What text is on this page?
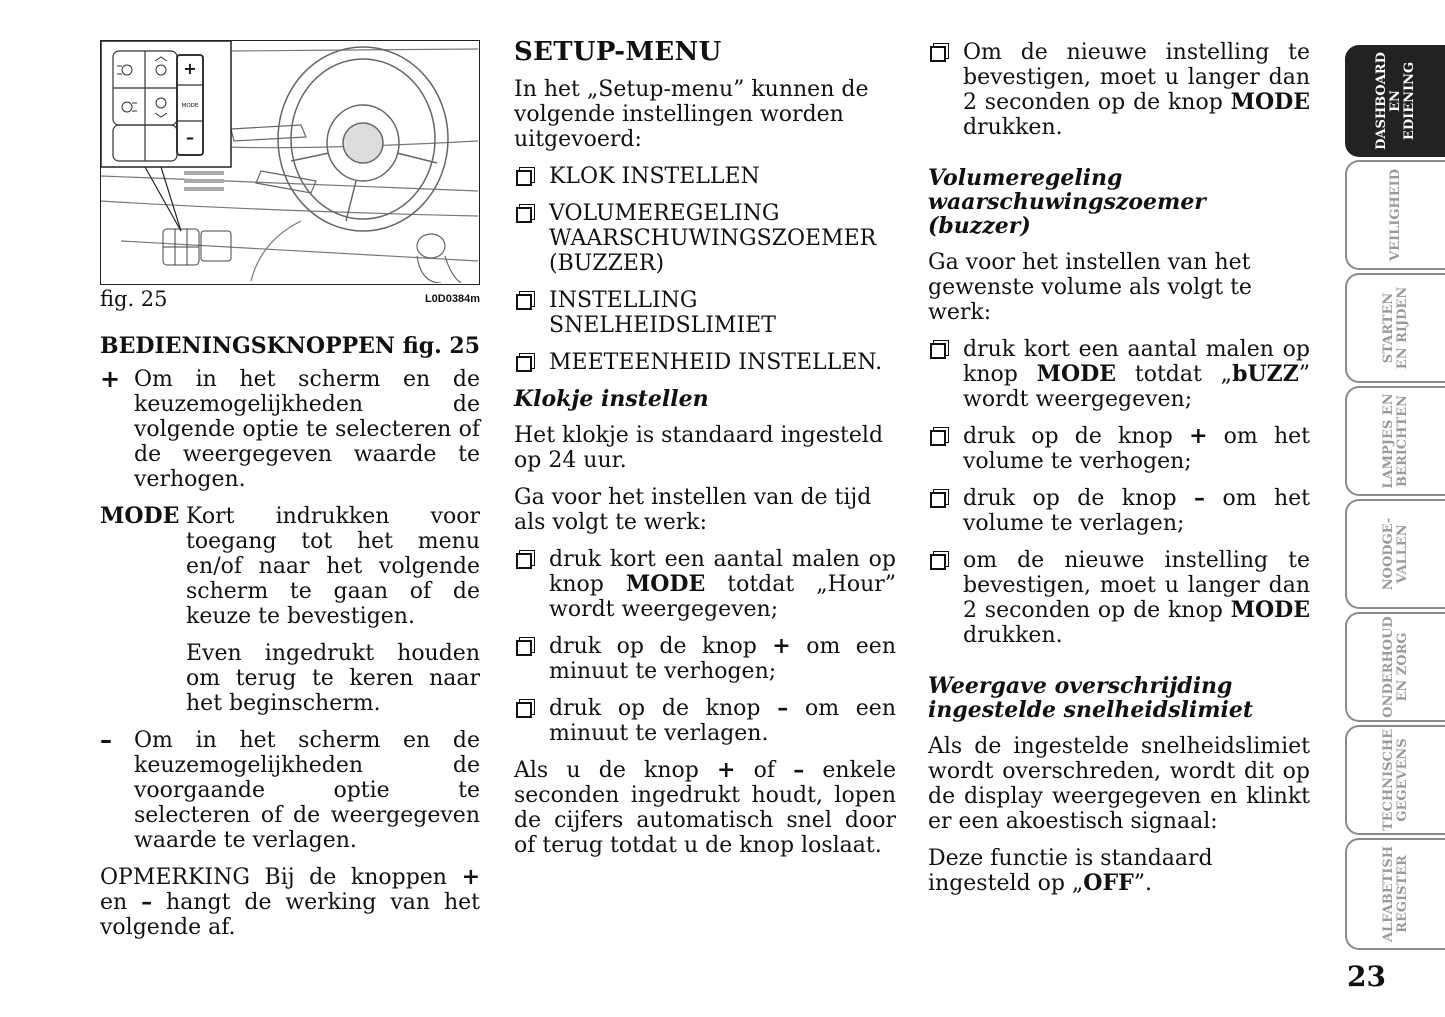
+
MODE
–
fig. 25	L0D0384m
BEDIENINGSKNOPPEN fig. 25
+ Om in het scherm en de keuzemogelijkheden de volgende optie te selecteren of de weergegeven waarde te verhogen.
MODE Kort indrukken voor toegang tot het menu en/of naar het volgende scherm te gaan of de keuze te bevestigen.

Even ingedrukt houden om terug te keren naar het beginscherm.

–	Om in het scherm en de keuzemogelijkheden de voorgaande optie te selecteren of de weergegeven waarde te verlagen.

OPMERKING Bij de knoppen + en – hangt de werking van het volgende af.

SETUP-MENU

In het „Setup-menu” kunnen de volgende instellingen worden uitgevoerd:

KLOK INSTELLEN
VOLUMEREGELING WAARSCHUWINGSZOEMER (BUZZER)
INSTELLING SNELHEIDSLIMIET
MEETEENHEID INSTELLEN.
Klokje instellen

Het klokje is standaard ingesteld op 24 uur.

Ga voor het instellen van de tijd als volgt te werk:

druk kort een aantal malen op knop MODE totdat „Hour” wordt weergegeven;
druk op de knop + om een minuut te verhogen;
druk op de knop – om een minuut te verlagen.

Als u de knop + of – enkele seconden ingedrukt houdt, lopen de cijfers automatisch snel door of terug totdat u de knop loslaat.

Om de nieuwe instelling te bevestigen, moet u langer dan 2 seconden op de knop MODE drukken.
Volumeregeling waarschuwingszoemer (buzzer)

Ga voor het instellen van het gewenste volume als volgt te werk:

druk kort een aantal malen op knop MODE totdat „bUZZ” wordt weergegeven;
druk op de knop + om het volume te verhogen;
druk op de knop – om het volume te verlagen;
om de nieuwe instelling te bevestigen, moet u langer dan 2 seconden op de knop MODE drukken.
Weergave overschrijding ingestelde snelheidslimiet

Als de ingestelde snelheidslimiet wordt overschreden, wordt dit op de display weergegeven en klinkt er een akoestisch signaal:

Deze functie is standaard ingesteld op „OFF”.

DASHBOARD
EN
EDIENING
VEILIGHEID
STARTEN
EN RIJDEN
LAMPJES EN
BERICHTEN
NOODGE-
VALLEN
ONDERHOUD
EN ZORG
TECHNISCHE
GEGEVENS
ALFABETISH
REGISTER
23
